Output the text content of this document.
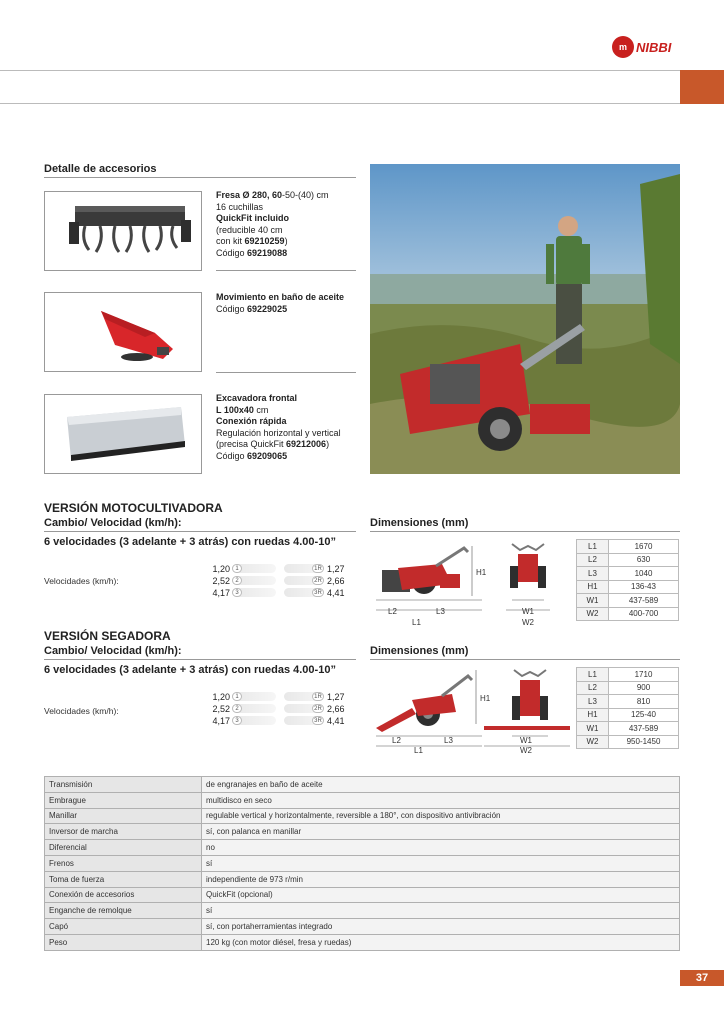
m NIBBI
Detalle de accesorios
Fresa Ø 280, 60-50-(40) cm
16 cuchillas
QuickFit incluido
(reducible 40 cm
con kit 69210259)
Código 69219088
Movimiento en baño de aceite
Código 69229025
Excavadora frontal
L 100x40 cm
Conexión rápida
Regulación horizontal y vertical
(precisa QuickFit 69212006)
Código 69209065
VERSIÓN MOTOCULTIVADORA
Cambio/ Velocidad (km/h):
6 velocidades (3 adelante + 3 atrás) con ruedas 4.00-10”
Velocidades (km/h):
1,20 1	1R 1,27
2,52 2	2R 2,66
4,17 3	3R 4,41
Dimensiones (mm)
H1
L2	L3
L1
W1
W2
L1	1670
L2	630
L3	1040
H1	136-43
W1	437-589
W2	400-700
VERSIÓN SEGADORA
Cambio/ Velocidad (km/h):
6 velocidades (3 adelante + 3 atrás) con ruedas 4.00-10”
Velocidades (km/h):
1,20 1	1R 1,27
2,52 2	2R 2,66
4,17 3	3R 4,41
Dimensiones (mm)
H1
L2	L3
L1
W1
W2
L1	1710
L2	900
L3	810
H1	125-40
W1	437-589
W2	950-1450
Transmisión	de engranajes en baño de aceite
Embrague	multidisco en seco
Manillar	regulable vertical y horizontalmente, reversible a 180°, con dispositivo antivibración
Inversor de marcha	sí, con palanca en manillar
Diferencial	no
Frenos	sí
Toma de fuerza	independiente de 973 r/min
Conexión de accesorios	QuickFit (opcional)
Enganche de remolque	sí
Capó	sí, con portaherramientas integrado
Peso	120 kg (con motor diésel, fresa y ruedas)
37
